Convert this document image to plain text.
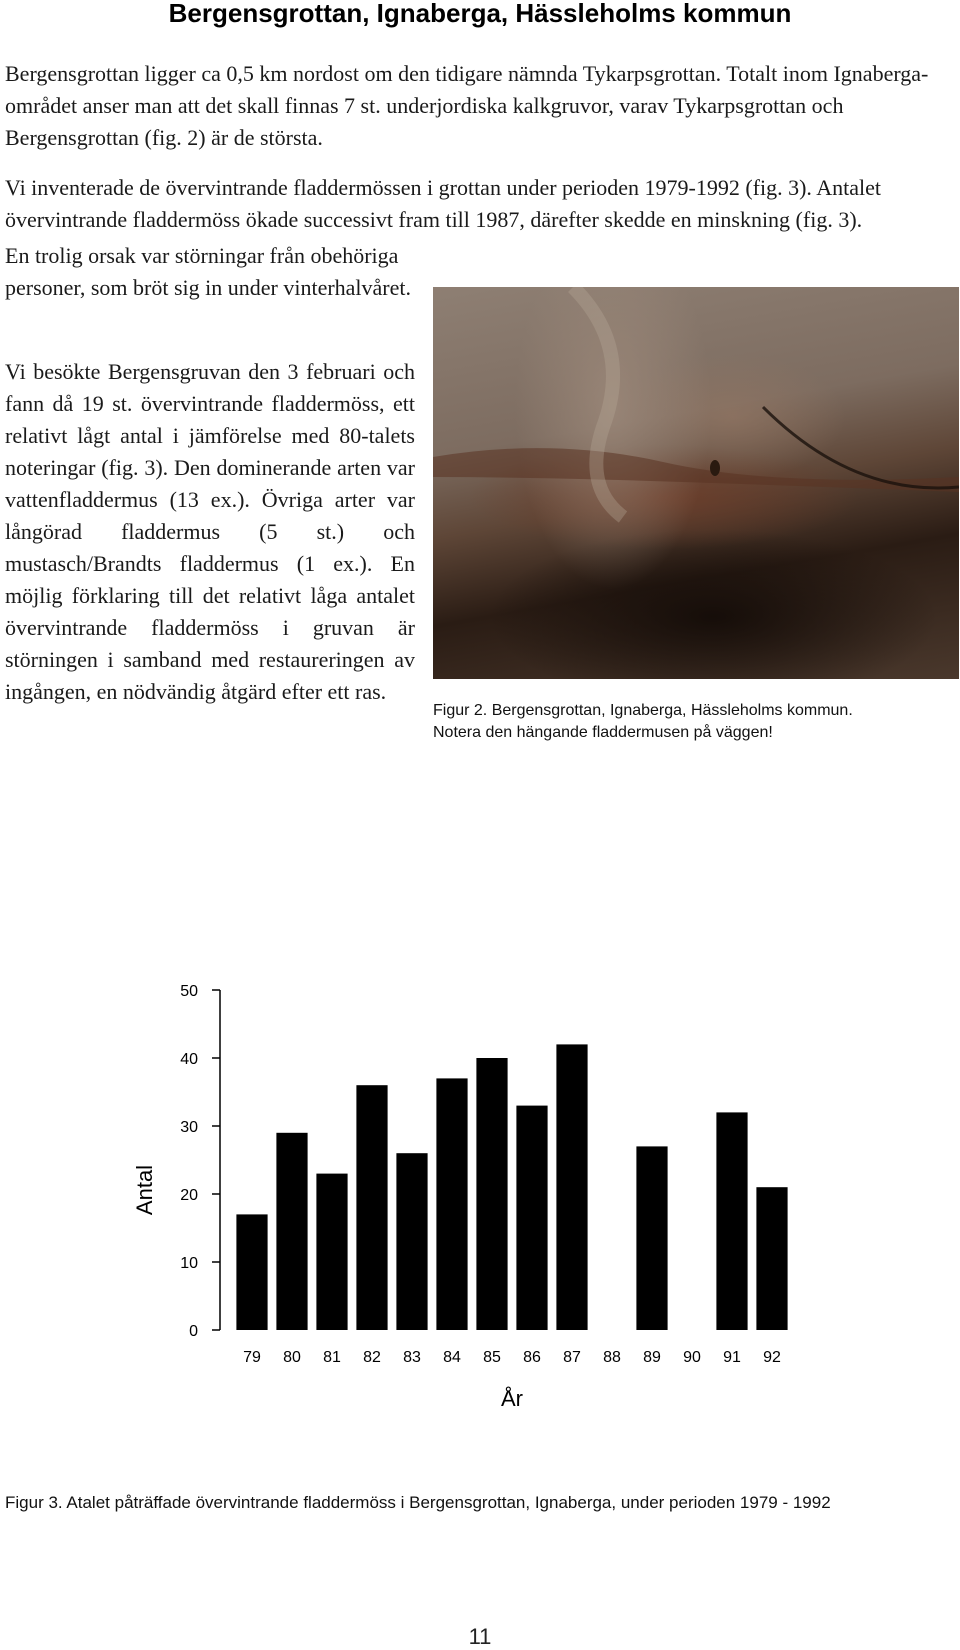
Bergensgrottan, Ignaberga, Hässleholms kommun

Bergensgrottan ligger ca 0,5 km nordost om den tidigare nämnda Tykarpsgrottan. Totalt inom Ignaberga-området anser man att det skall finnas 7 st. underjordiska kalkgruvor, varav Tykarpsgrottan och Bergensgrottan (fig. 2) är de största.

Vi inventerade de övervintrande fladdermössen i grottan under perioden 1979-1992 (fig. 3). Antalet övervintrande fladdermöss ökade successivt fram till 1987, därefter skedde en minskning (fig. 3).

En trolig orsak var störningar från obehöriga personer, som bröt sig in under vinterhalvåret.

Vi besökte Bergensgruvan den 3 februari och fann då 19 st. övervintrande fladdermöss, ett relativt lågt antal i jämförelse med 80-talets noteringar (fig. 3). Den dominerande arten var vattenfladdermus (13 ex.). Övriga arter var långörad fladdermus (5 st.) och mustasch/Brandts fladdermus (1 ex.). En möjlig förklaring till det relativt låga antalet övervintrande fladdermöss i gruvan är störningen i samband med restaureringen av ingången, en nödvändig åtgärd efter ett ras.

Figur 2. Bergensgrottan, Ignaberga, Hässleholms kommun.
Notera den hängande fladdermusen på väggen!
0
10
20
30
40
50
79 80 81 82 83 84 85 86 87 88 89 90 91 92
År
Antal
Figur 3. Atalet påträffade övervintrande fladdermöss i Bergensgrottan, Ignaberga, under perioden 1979 - 1992
11
